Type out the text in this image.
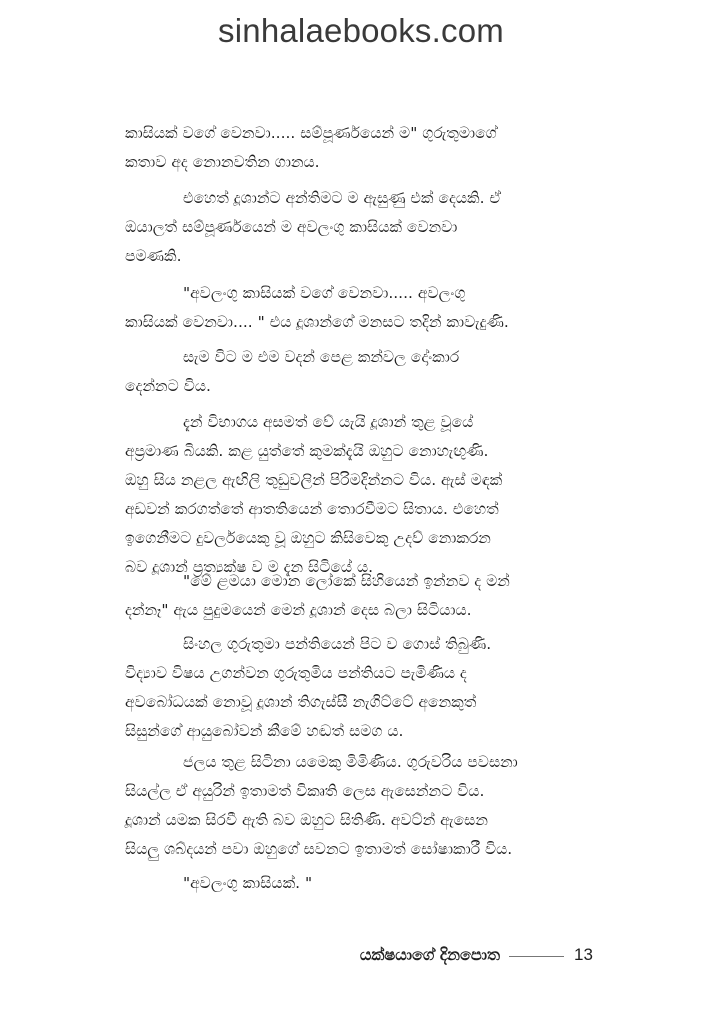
sinhalaebooks.com
කාසියක් වගේ වෙනවා..... සම්පූර්ණයෙන් ම" ගුරුතුමාගේ
කතාව අද නොනවතින ගානය.
එහෙත් දූශාන්ට අන්තිමට ම ඇසුණු එක් දෙයකි. ඒ
ඔයාලත් සම්පූර්ණයෙන් ම අවලංගු කාසියක් වෙනවා
පමණකි.
"අවලංගු කාසියක් වගේ වෙනවා..... අවලංගු
කාසියක් වෙනවා.... " එය දූශාන්ගේ මනසට තදින් කාවැදුණි.
සැම විට ම එම වදන් පෙළ කන්වල දෝංකාර
දෙන්නට විය.
දැන් විභාගය අසමත් වේ යැයි දූශාන් තුළ වූයේ
අප්‍රමාණ බියකි. කළ යුත්තේ කුමක්දැයි ඔහුට නොහැඟුණි.
ඔහු සිය නළල ඇඟිලි තුඩුවලින් පිරිමදින්නට විය. ඇස් මඳක්
අඩවන් කරගත්තේ ආතතියෙන් තොරවීමට සිතාය. එහෙත්
ඉගෙනීමට දුවර්ලයෙකු වූ ඔහුට කිසිවෙකු උදව් නොකරන
බව දූශාන් ප්‍රත්‍යක්ෂ ව ම දැන සිටියේ ය.
"මේ ළමයා මොන ලෝකේ සිහියෙන් ඉන්නව ද මන්
දන්නෑ" ඇය පුදුමයෙන් මෙන් දූශාන් දෙස බලා සිටියාය.
සිංහල ගුරුතුමා පන්තියෙන් පිට ව ගොස් තිබුණි.
විද්‍යාව විෂය උගන්වන ගුරුතුමිය පන්තියට පැමිණිය ද
අවබෝධයක් නොවූ දූශාන් තිගැස්සී නැගිට්ටේ අනෙකුත්
සිසුන්ගේ ආයුබෝවන් කීමේ හඬත් සමග ය.
ජලය තුළ සිටිනා යමෙකු මිමිණිය. ගුරුවරිය පවසනා
සියල්ල ඒ අයුරින් ඉතාමත් විකෘති ලෙස ඇසෙන්නට විය.
දූශාන් යමක සිරවී ඇති බව ඔහුට සිතිණි. අවට්න් ඇසෙන
සියලු ශබ්දයන් පවා ඔහුගේ සවනට ඉතාමත් සෝෂාකාරී විය.
"අවලංගු කාසියක්. "
යක්ෂයාගේ දිනපොත	13
